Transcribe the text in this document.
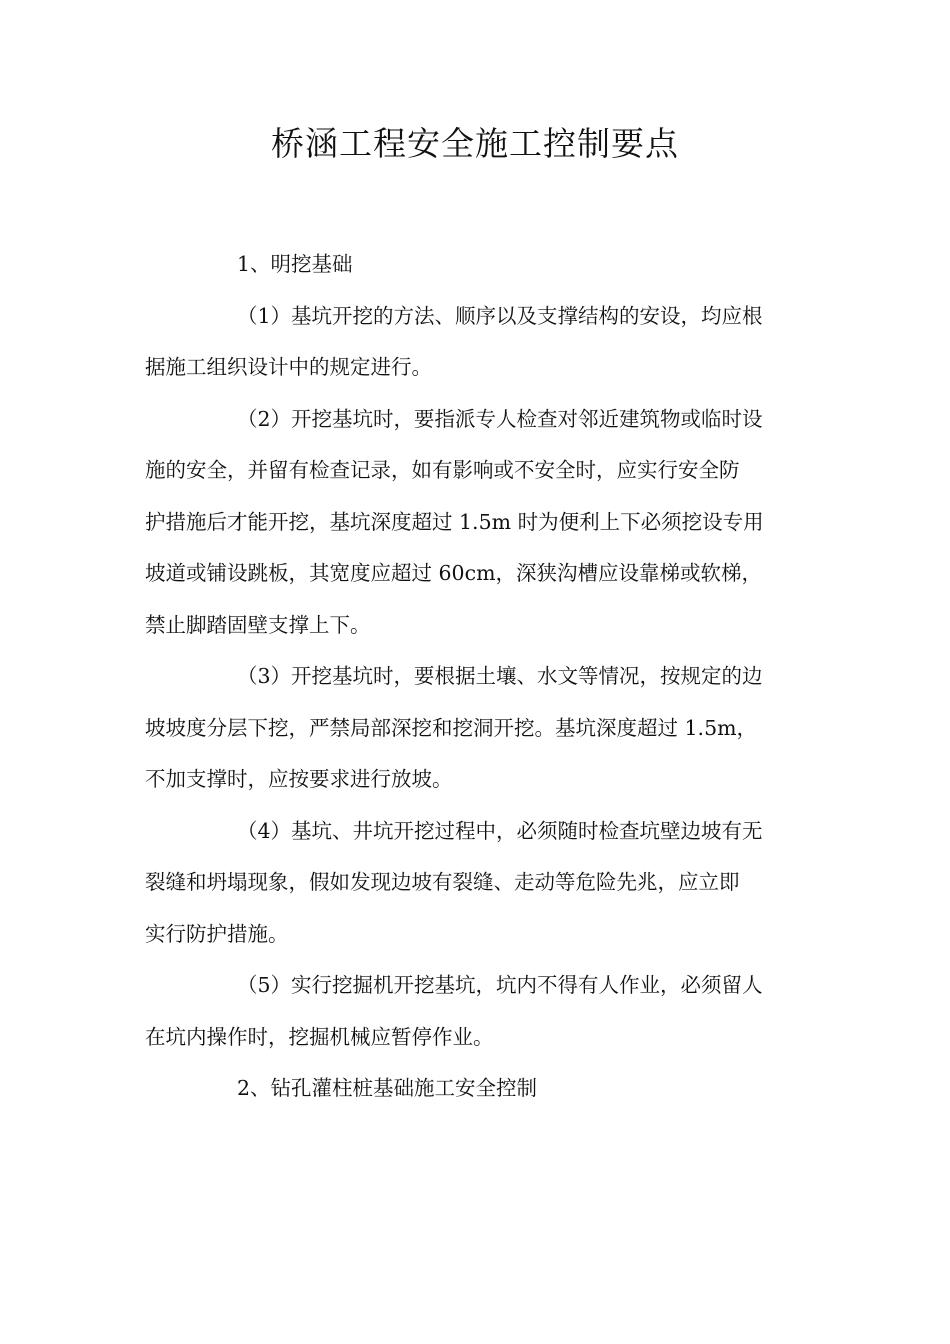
桥涵工程安全施工控制要点
1、明挖基础
（1）基坑开挖的方法、顺序以及支撑结构的安设，均应根
据施工组织设计中的规定进行。
（2）开挖基坑时，要指派专人检查对邻近建筑物或临时设
施的安全，并留有检查记录，如有影响或不安全时，应实行安全防
护措施后才能开挖，基坑深度超过 1.5m 时为便利上下必须挖设专用
坡道或铺设跳板，其宽度应超过 60cm，深狭沟槽应设靠梯或软梯，
禁止脚踏固壁支撑上下。
（3）开挖基坑时，要根据土壤、水文等情况，按规定的边
坡坡度分层下挖，严禁局部深挖和挖洞开挖。基坑深度超过 1.5m，
不加支撑时，应按要求进行放坡。
（4）基坑、井坑开挖过程中，必须随时检查坑壁边坡有无
裂缝和坍塌现象，假如发现边坡有裂缝、走动等危险先兆，应立即
实行防护措施。
（5）实行挖掘机开挖基坑，坑内不得有人作业，必须留人
在坑内操作时，挖掘机械应暂停作业。
2、钻孔灌柱桩基础施工安全控制
